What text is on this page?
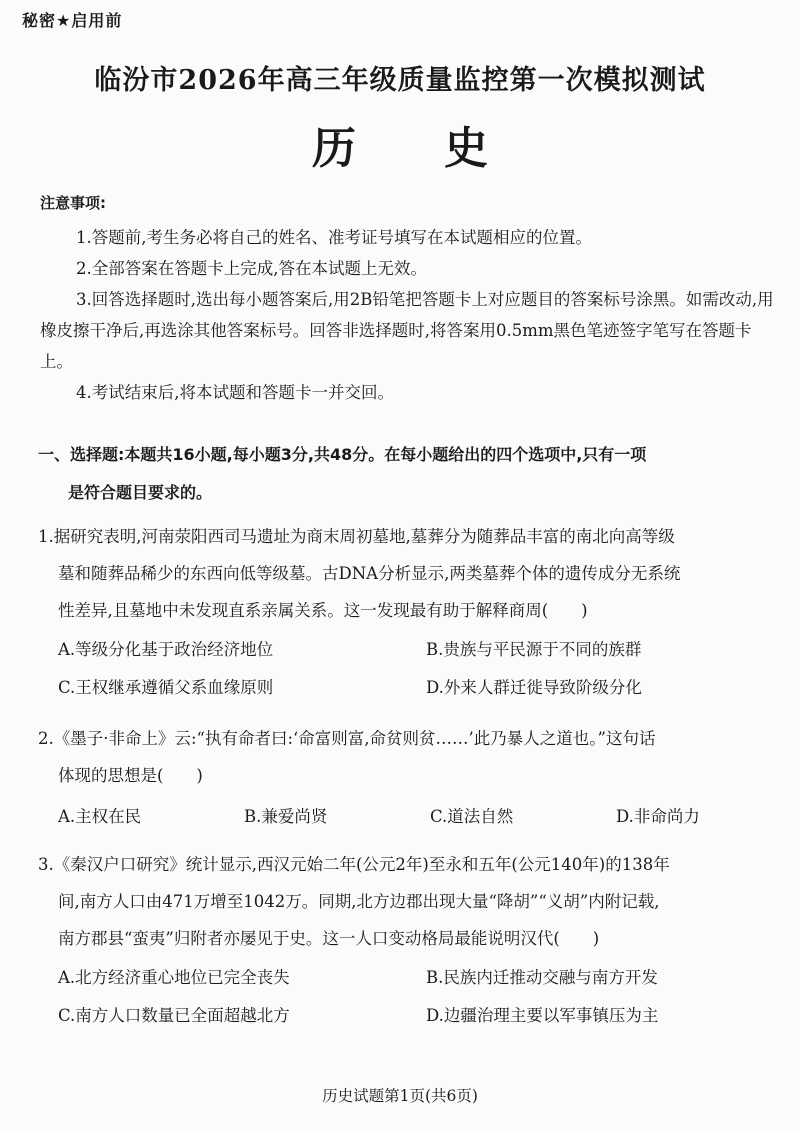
秘密★启用前
临汾市2026年高三年级质量监控第一次模拟测试
历 史
注意事项:

1.答题前,考生务必将自己的姓名、准考证号填写在本试题相应的位置。

2.全部答案在答题卡上完成,答在本试题上无效。

3.回答选择题时,选出每小题答案后,用2B铅笔把答题卡上对应题目的答案标号涂黑。如需改动,用橡皮擦干净后,再选涂其他答案标号。回答非选择题时,将答案用0.5mm黑色笔迹签字笔写在答题卡上。

4.考试结束后,将本试题和答题卡一并交回。

一、选择题:本题共16小题,每小题3分,共48分。在每小题给出的四个选项中,只有一项
是符合题目要求的。
1.据研究表明,河南荥阳西司马遗址为商末周初墓地,墓葬分为随葬品丰富的南北向高等级
墓和随葬品稀少的东西向低等级墓。古DNA分析显示,两类墓葬个体的遗传成分无系统
性差异,且墓地中未发现直系亲属关系。这一发现最有助于解释商周(　　)
A.等级分化基于政治经济地位	B.贵族与平民源于不同的族群
C.王权继承遵循父系血缘原则	D.外来人群迁徙导致阶级分化
2.《墨子·非命上》云:“执有命者曰:‘命富则富,命贫则贫……’此乃暴人之道也。”这句话
体现的思想是(　　)
A.主权在民	B.兼爱尚贤	C.道法自然	D.非命尚力
3.《秦汉户口研究》统计显示,西汉元始二年(公元2年)至永和五年(公元140年)的138年
间,南方人口由471万增至1042万。同期,北方边郡出现大量“降胡”“义胡”内附记载,
南方郡县“蛮夷”归附者亦屡见于史。这一人口变动格局最能说明汉代(　　)
A.北方经济重心地位已完全丧失	B.民族内迁推动交融与南方开发
C.南方人口数量已全面超越北方	D.边疆治理主要以军事镇压为主
历史试题第1页(共6页)
